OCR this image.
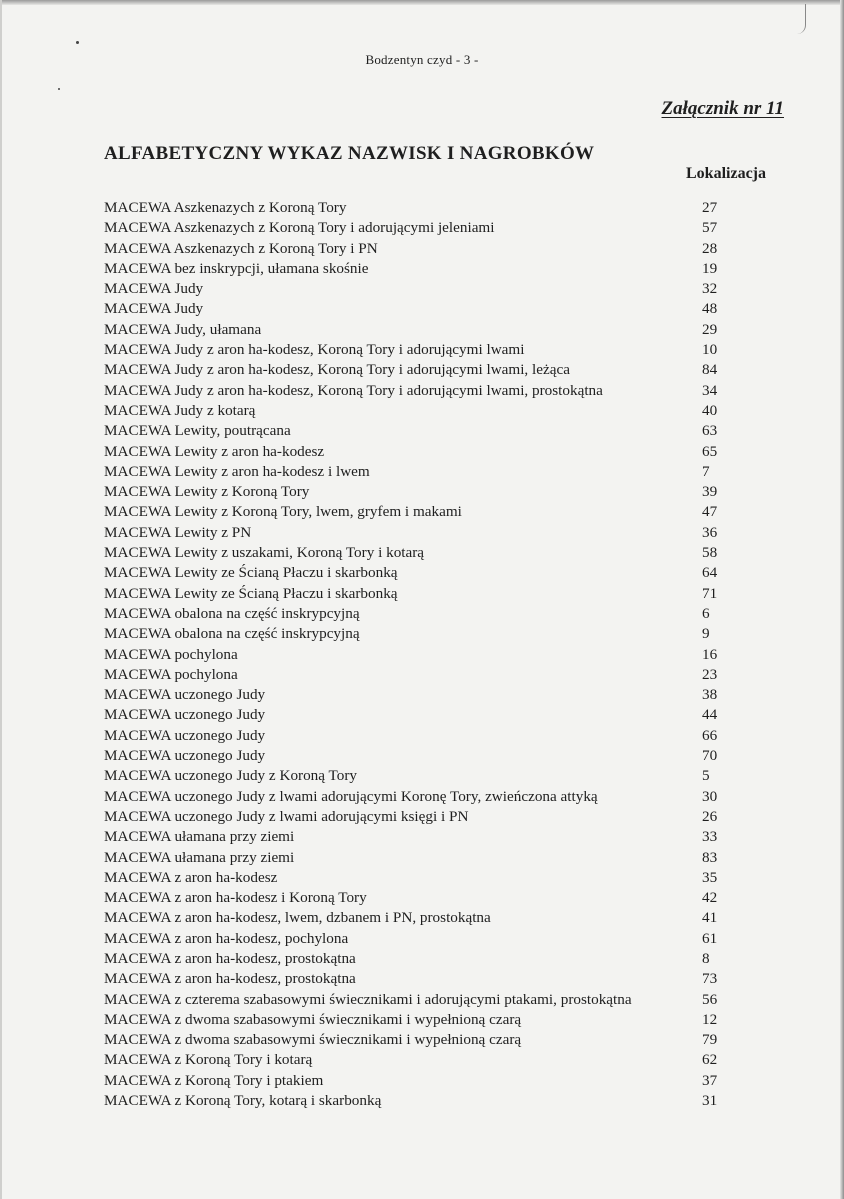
Bodzentyn czyd - 3 -
Załącznik nr 11
ALFABETYCZNY WYKAZ NAZWISK I NAGROBKÓW
Lokalizacja
MACEWA Aszkenazych z Koroną Tory	27
MACEWA Aszkenazych z Koroną Tory i adorującymi jeleniami	57
MACEWA Aszkenazych z Koroną Tory i PN	28
MACEWA bez inskrypcji, ułamana skośnie	19
MACEWA Judy	32
MACEWA Judy	48
MACEWA Judy, ułamana	29
MACEWA Judy z aron ha-kodesz, Koroną Tory i adorującymi lwami	10
MACEWA Judy z aron ha-kodesz, Koroną Tory i adorującymi lwami, leżąca	84
MACEWA Judy z aron ha-kodesz, Koroną Tory i adorującymi lwami, prostokątna	34
MACEWA Judy z kotarą	40
MACEWA Lewity, poutrącana	63
MACEWA Lewity z aron ha-kodesz	65
MACEWA Lewity z aron ha-kodesz i lwem	7
MACEWA Lewity z Koroną Tory	39
MACEWA Lewity z Koroną Tory, lwem, gryfem i makami	47
MACEWA Lewity z PN	36
MACEWA Lewity z uszakami, Koroną Tory i kotarą	58
MACEWA Lewity ze Ścianą Płaczu i skarbonką	64
MACEWA Lewity ze Ścianą Płaczu i skarbonką	71
MACEWA obalona na część inskrypcyjną	6
MACEWA obalona na część inskrypcyjną	9
MACEWA pochylona	16
MACEWA pochylona	23
MACEWA uczonego Judy	38
MACEWA uczonego Judy	44
MACEWA uczonego Judy	66
MACEWA uczonego Judy	70
MACEWA uczonego Judy z Koroną Tory	5
MACEWA uczonego Judy z lwami adorującymi Koronę Tory, zwieńczona attyką	30
MACEWA uczonego Judy z lwami adorującymi księgi i PN	26
MACEWA ułamana przy ziemi	33
MACEWA ułamana przy ziemi	83
MACEWA z aron ha-kodesz	35
MACEWA z aron ha-kodesz i Koroną Tory	42
MACEWA z aron ha-kodesz, lwem, dzbanem i PN, prostokątna	41
MACEWA z aron ha-kodesz, pochylona	61
MACEWA z aron ha-kodesz, prostokątna	8
MACEWA z aron ha-kodesz, prostokątna	73
MACEWA z czterema szabasowymi świecznikami i adorującymi ptakami, prostokątna	56
MACEWA z dwoma szabasowymi świecznikami i wypełnioną czarą	12
MACEWA z dwoma szabasowymi świecznikami i wypełnioną czarą	79
MACEWA z Koroną Tory i kotarą	62
MACEWA z Koroną Tory i ptakiem	37
MACEWA z Koroną Tory, kotarą i skarbonką	31
